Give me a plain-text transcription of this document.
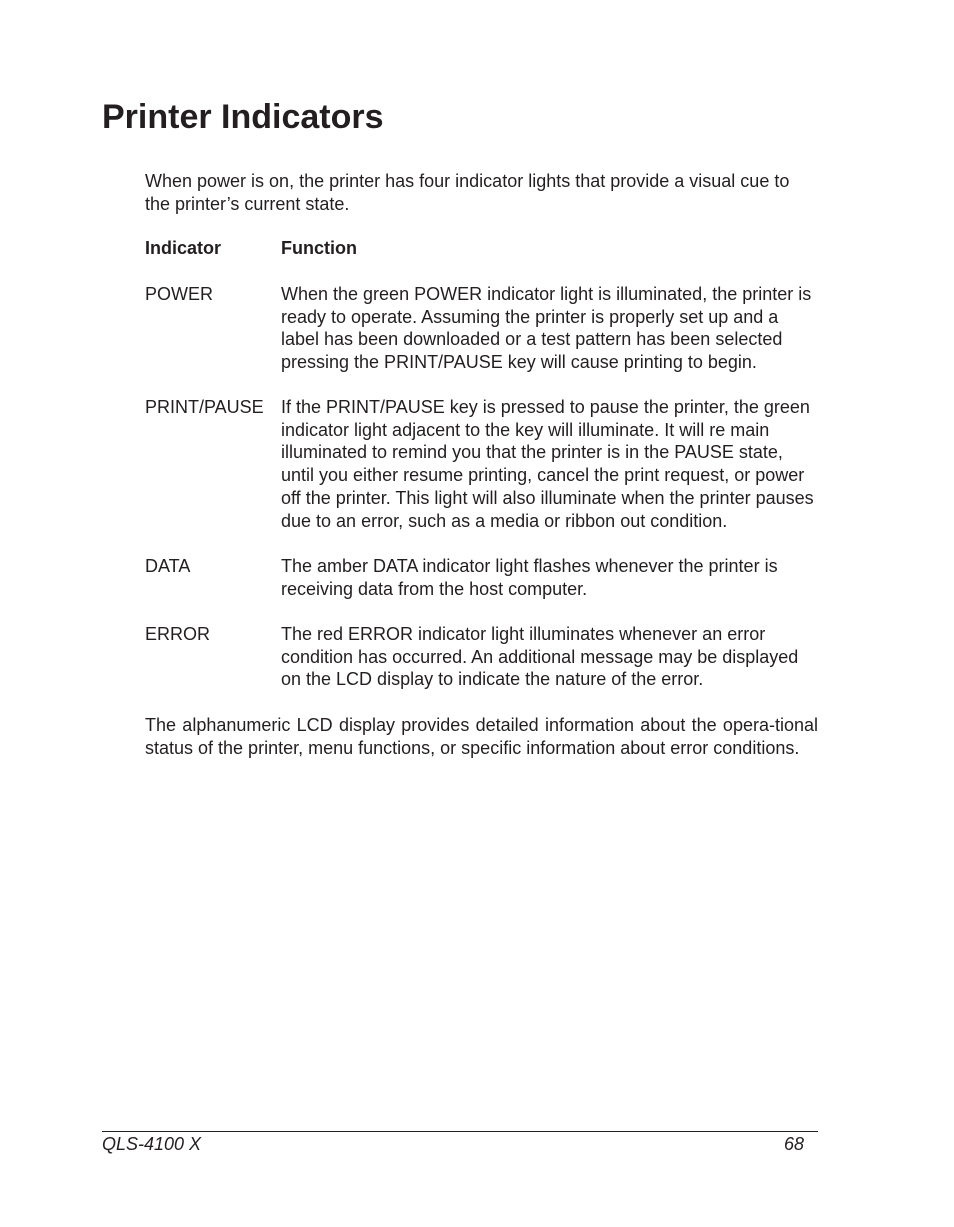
Printer Indicators

When power is on, the printer has four indicator lights that provide a visual cue to the printer’s current state.

Indicator	Function
POWER	When the green POWER indicator light is illuminated, the printer is ready to operate. Assuming the printer is properly set up and a label has been downloaded or a test pattern has been selected pressing the PRINT/PAUSE key will cause printing to begin.
PRINT/PAUSE If the PRINT/PAUSE key is pressed to pause the printer, the green indicator light adjacent to the key will illuminate. It will re main illuminated to remind you that the printer is in the PAUSE state, until you either resume printing, cancel the print request, or power off the printer. This light will also illuminate when the printer pauses due to an error, such as a media or ribbon out condition.
DATA	The amber DATA indicator light flashes whenever the printer is receiving data from the host computer.
ERROR	The red ERROR indicator light illuminates whenever an error condition has occurred. An additional message may be displayed on the LCD display to indicate the nature of the error.

The alphanumeric LCD display provides detailed information about the opera-tional status of the printer, menu functions, or specific information about error conditions.

QLS-4100 X	68
